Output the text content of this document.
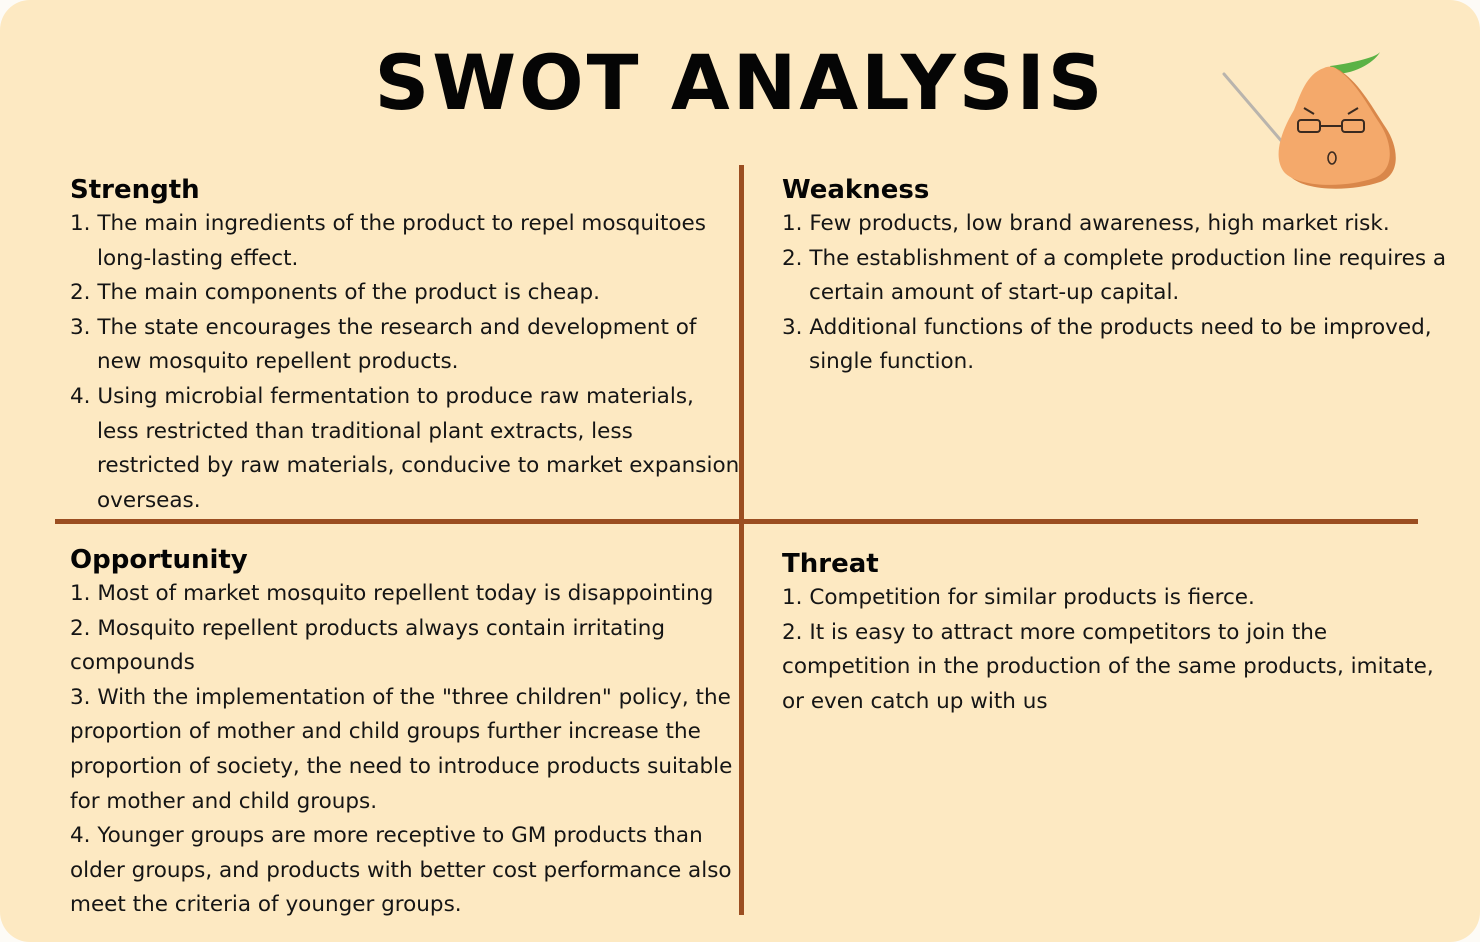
SWOT ANALYSIS
Strength
1. The main ingredients of the product to repel mosquitoes long-lasting effect.
2. The main components of the product is cheap.
3. The state encourages the research and development of new mosquito repellent products.
4. Using microbial fermentation to produce raw materials, less restricted than traditional plant extracts, less restricted by raw materials, conducive to market expansion overseas.
Weakness
1. Few products, low brand awareness, high market risk.
2. The establishment of a complete production line requires a certain amount of start-up capital.
3. Additional functions of the products need to be improved, single function.
Opportunity
1. Most of market mosquito repellent today is disappointing
2. Mosquito repellent products always contain irritating compounds
3. With the implementation of the "three children" policy, the proportion of mother and child groups further increase the proportion of society, the need to introduce products suitable for mother and child groups.
4. Younger groups are more receptive to GM products than older groups, and products with better cost performance also meet the criteria of younger groups.
Threat
1. Competition for similar products is fierce.
2. It is easy to attract more competitors to join the competition in the production of the same products, imitate, or even catch up with us
